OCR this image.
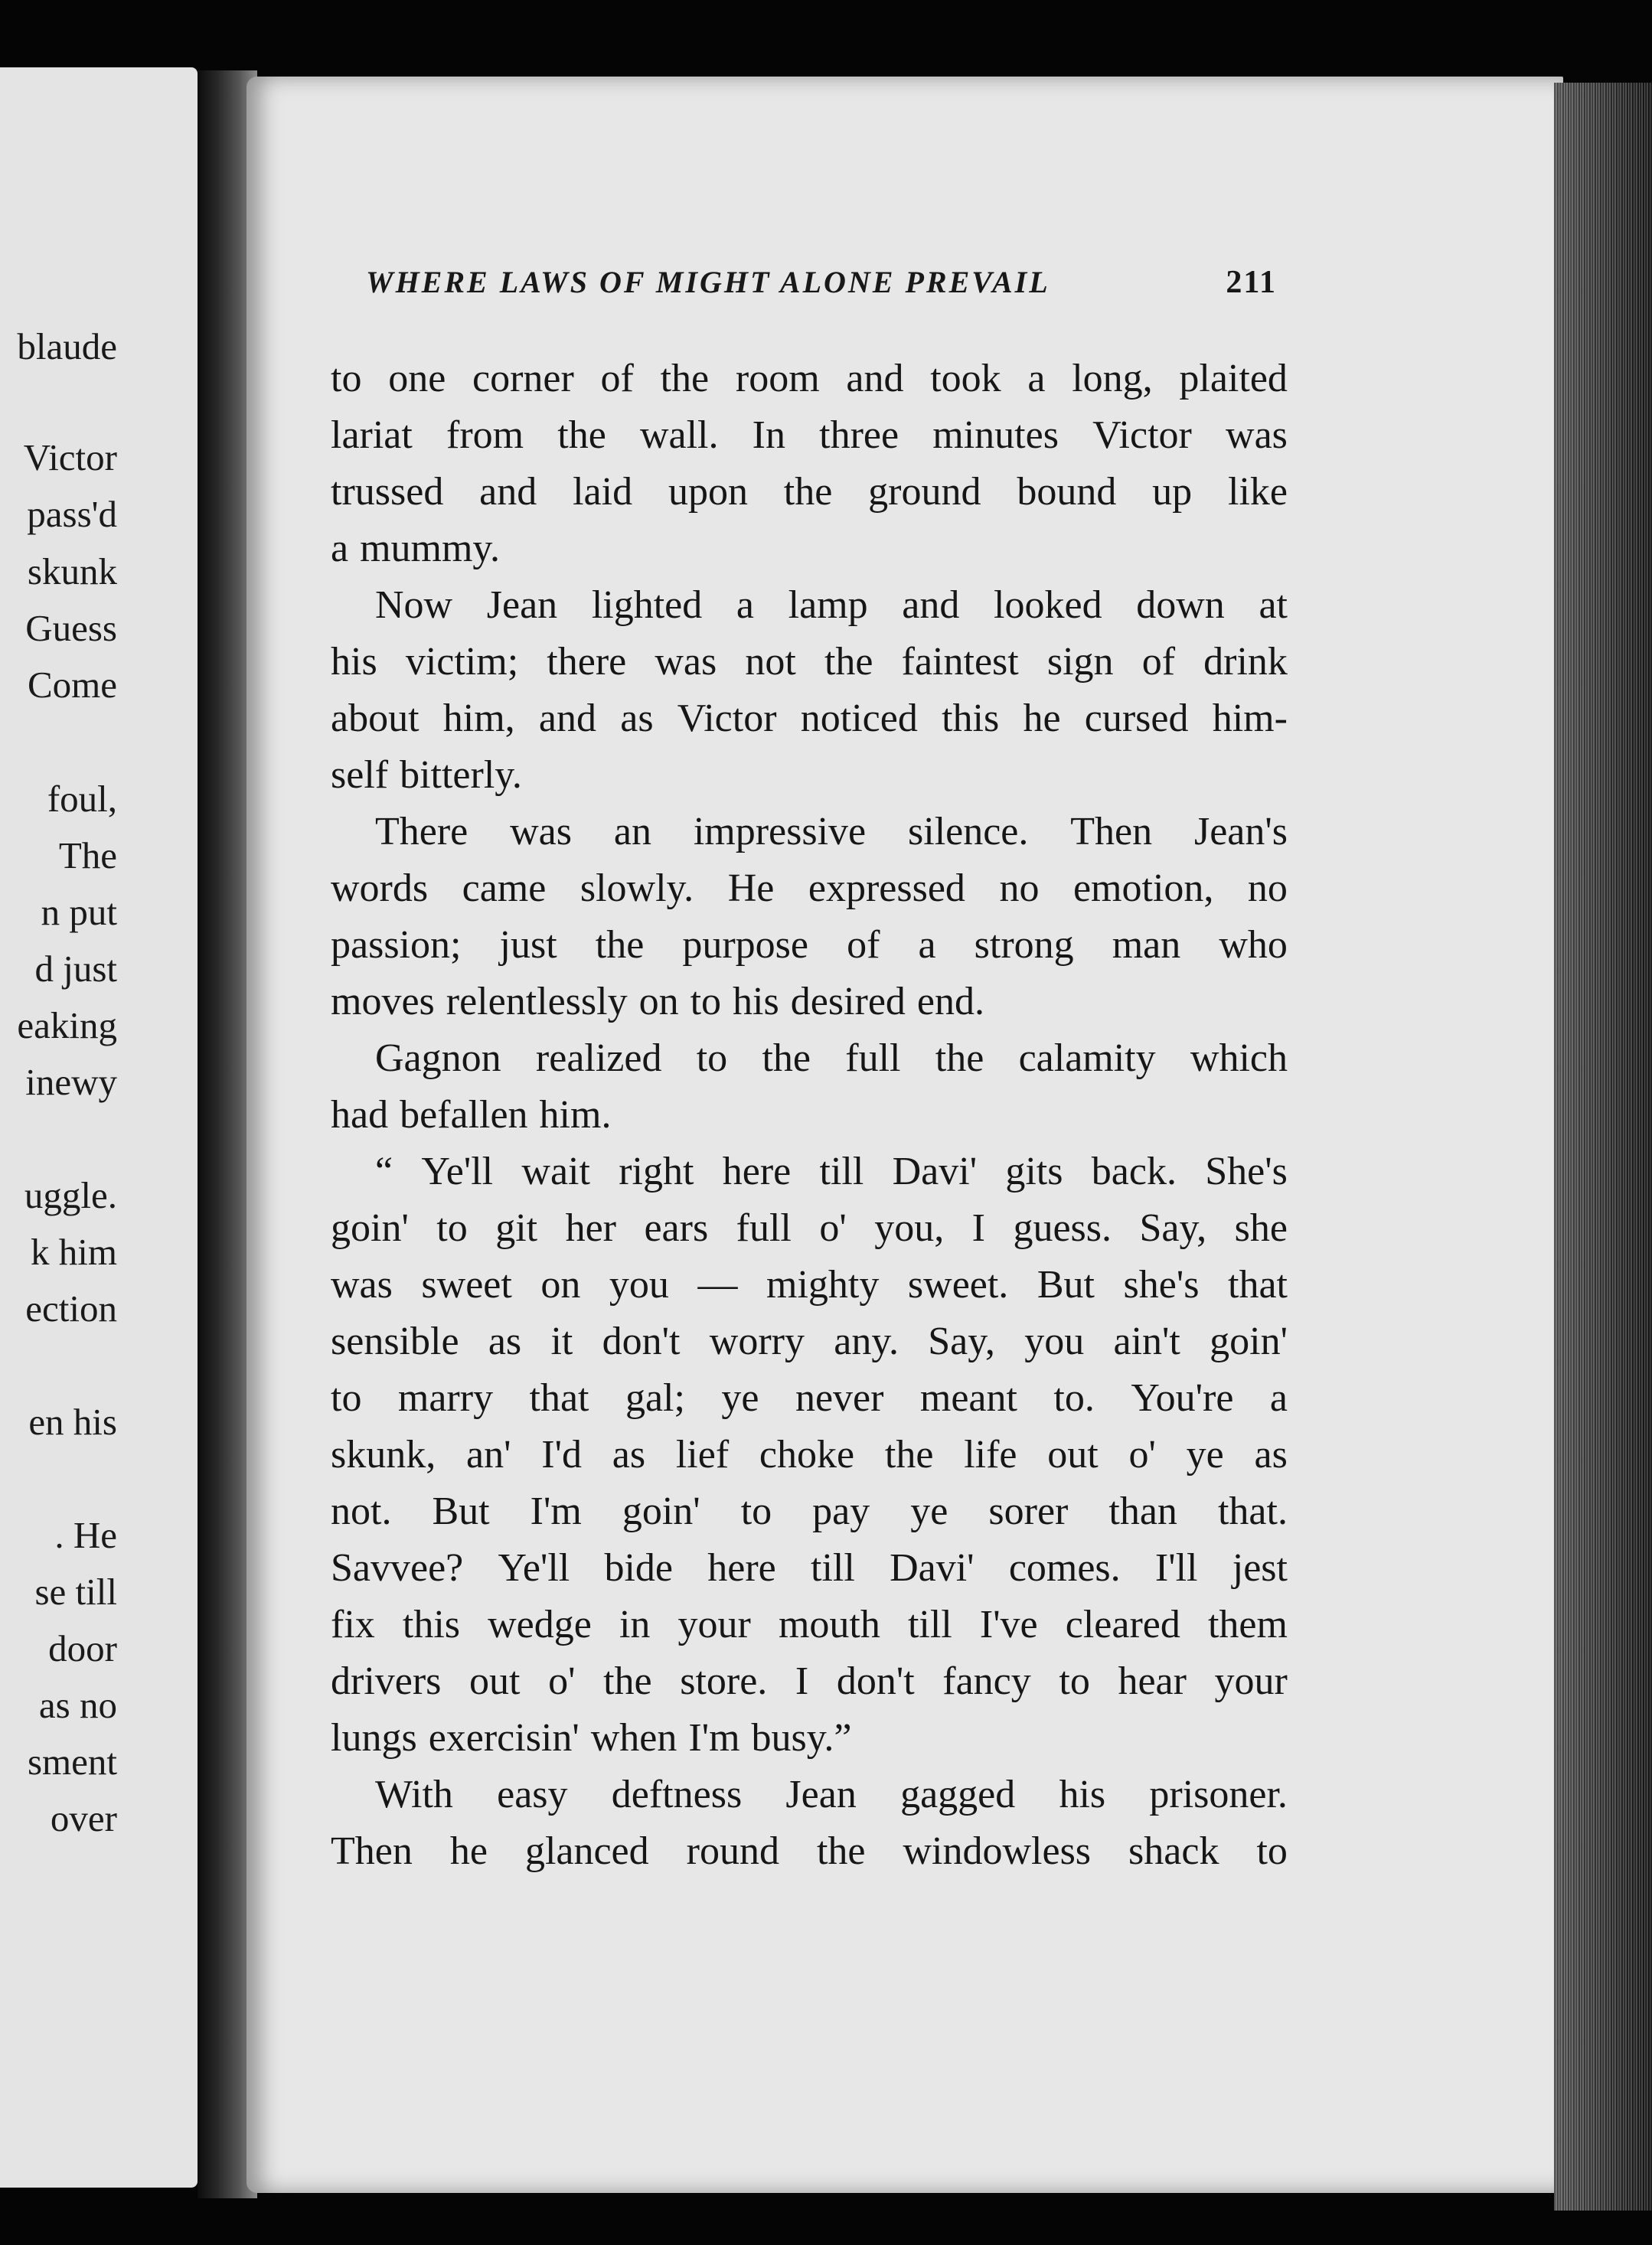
blaude
Victor
pass'd
skunk
Guess
Come
foul,
The
n put
d just
eaking
inewy
uggle.
k him
ection
en his
. He
se till
door
as no
sment
over
WHERE LAWS OF MIGHT ALONE PREVAIL	211
to one corner of the room and took a long, plaited
lariat from the wall. In three minutes Victor was
trussed and laid upon the ground bound up like
a mummy.
Now Jean lighted a lamp and looked down at
his victim; there was not the faintest sign of drink
about him, and as Victor noticed this he cursed him-
self bitterly.
There was an impressive silence. Then Jean's
words came slowly. He expressed no emotion, no
passion; just the purpose of a strong man who
moves relentlessly on to his desired end.
Gagnon realized to the full the calamity which
had befallen him.
“ Ye'll wait right here till Davi' gits back. She's
goin' to git her ears full o' you, I guess. Say, she
was sweet on you — mighty sweet. But she's that
sensible as it don't worry any. Say, you ain't goin'
to marry that gal; ye never meant to. You're a
skunk, an' I'd as lief choke the life out o' ye as
not. But I'm goin' to pay ye sorer than that.
Savvee? Ye'll bide here till Davi' comes. I'll jest
fix this wedge in your mouth till I've cleared them
drivers out o' the store. I don't fancy to hear your
lungs exercisin' when I'm busy.”
With easy deftness Jean gagged his prisoner.
Then he glanced round the windowless shack to
